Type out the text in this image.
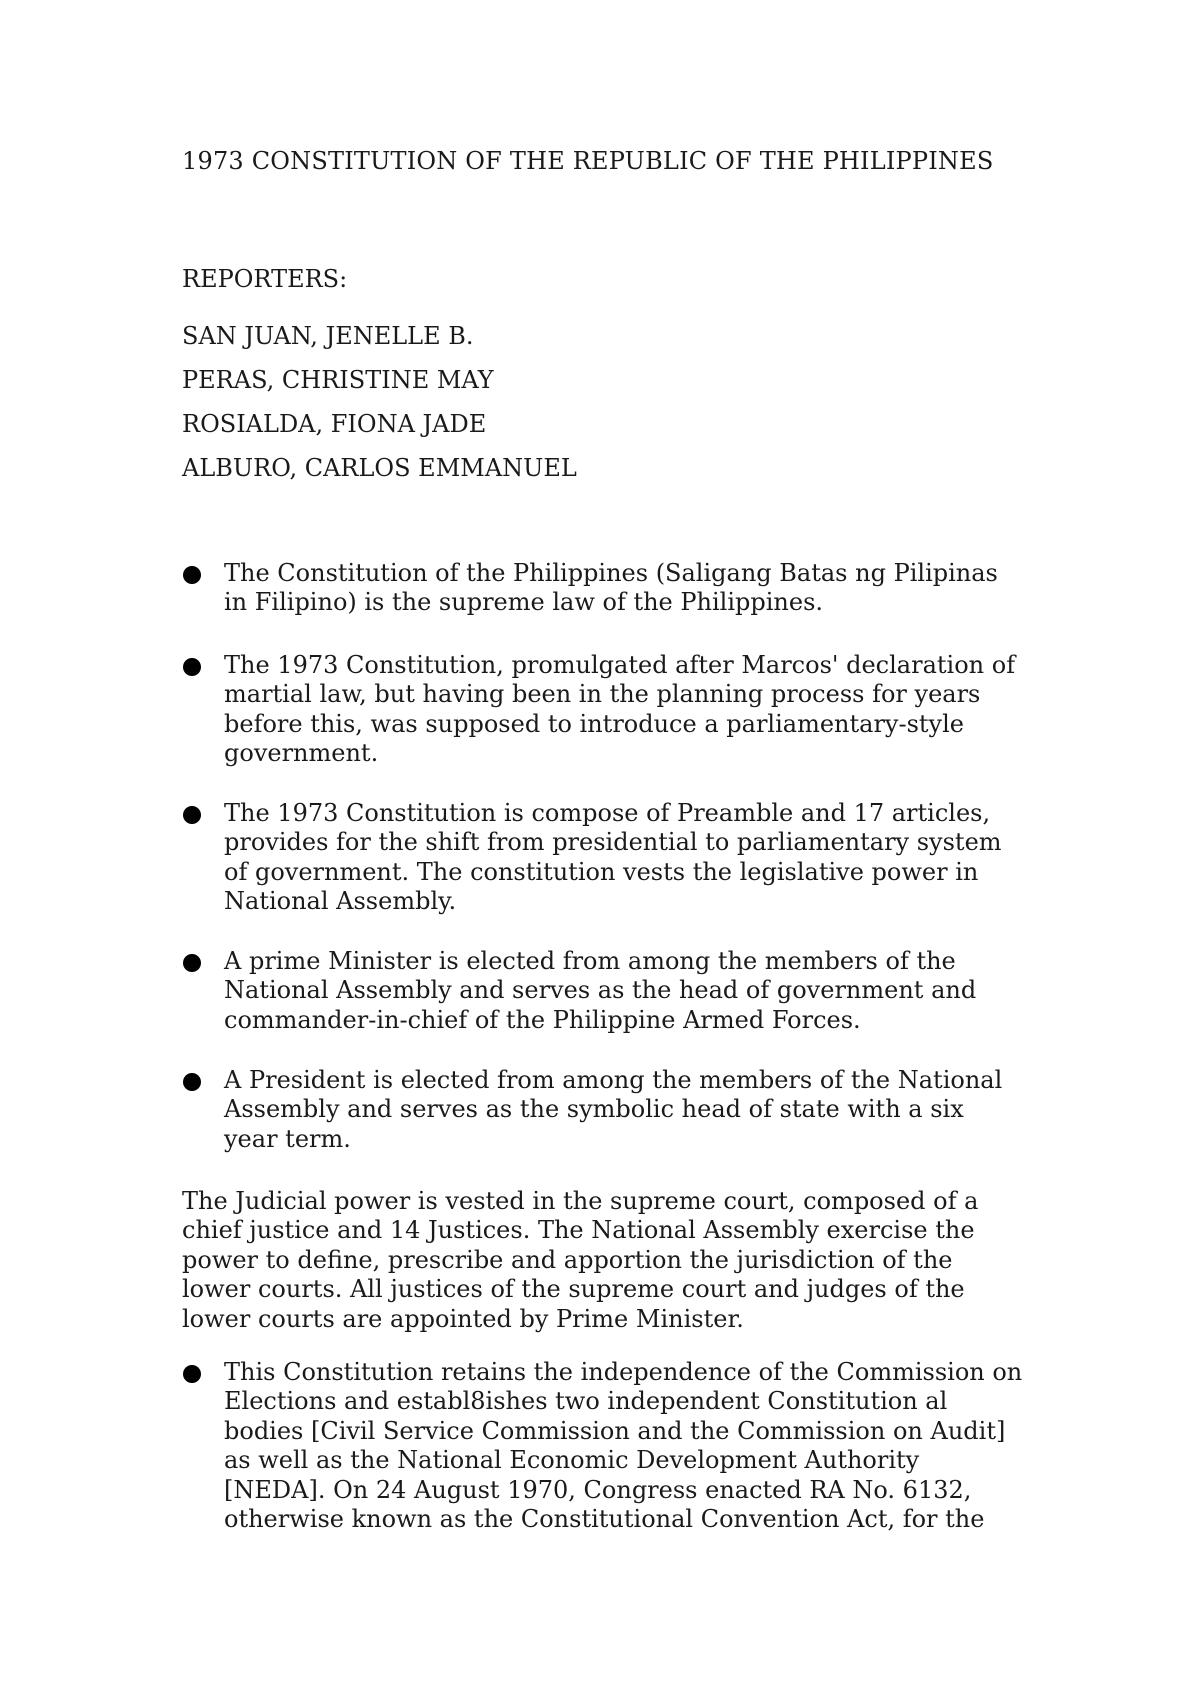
1973 CONSTITUTION OF THE REPUBLIC OF THE PHILIPPINES
REPORTERS:
SAN JUAN, JENELLE B.
PERAS, CHRISTINE MAY
ROSIALDA, FIONA JADE
ALBURO, CARLOS EMMANUEL
The Constitution of the Philippines (Saligang Batas ng Pilipinas in Filipino) is the supreme law of the Philippines.
The 1973 Constitution, promulgated after Marcos' declaration of martial law, but having been in the planning process for years before this, was supposed to introduce a parliamentary-style government.
The 1973 Constitution is compose of Preamble and 17 articles, provides for the shift from presidential to parliamentary system of government. The constitution vests the legislative power in National Assembly.
A prime Minister is elected from among the members of the National Assembly and serves as the head of government and commander-in-chief of the Philippine Armed Forces.
A President is elected from among the members of the National Assembly and serves as the symbolic head of state with a six year term.
The Judicial power is vested in the supreme court, composed of a chief justice and 14 Justices. The National Assembly exercise the power to define, prescribe and apportion the jurisdiction of the lower courts. All justices of the supreme court and judges of the lower courts are appointed by Prime Minister.
This Constitution retains the independence of the Commission on Elections and establ8ishes two independent Constitution al bodies [Civil Service Commission and the Commission on Audit] as well as the National Economic Development Authority [NEDA]. On 24 August 1970, Congress enacted RA No. 6132, otherwise known as the Constitutional Convention Act, for the
